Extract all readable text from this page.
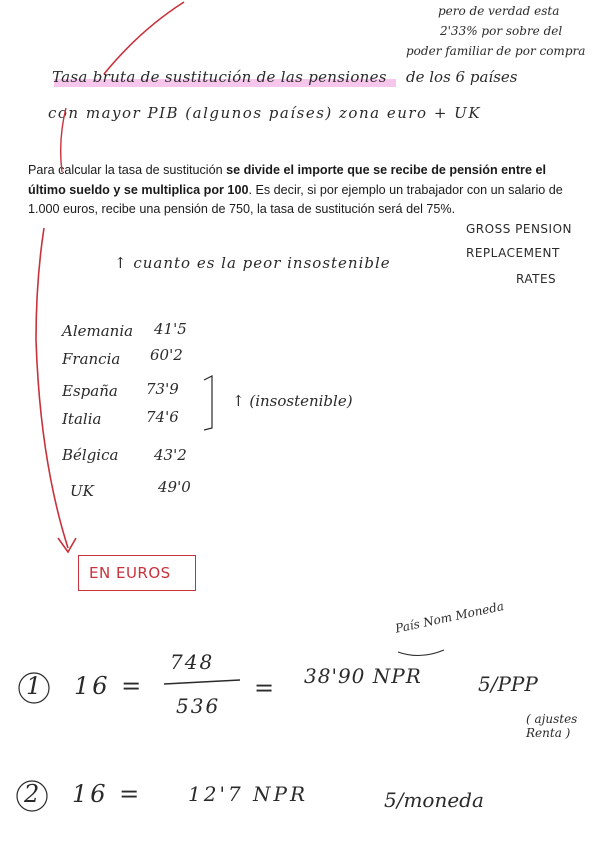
pero de verdad esta
2'33% por sobre del
poder familiar de por compra
Tasa bruta de sustitución de las pensiones de los 6 países
con mayor PIB (algunos países) zona euro + UK
Para calcular la tasa de sustitución se divide el importe que se recibe de pensión entre el último sueldo y se multiplica por 100. Es decir, si por ejemplo un trabajador con un salario de 1.000 euros, recibe una pensión de 750, la tasa de sustitución será del 75%.
GROSS PENSION
REPLACEMENT
RATES
↑ cuanto es la peor insostenible
Alemania 41'5
Francia 60'2
España 73'9
Italia	74'6
Bélgica 43'2
UK	49'0
↑ (insostenible)
EN EUROS
País Nom Moneda
1 16 =
748
536
= 38'90 NPR	5/PPP
( ajustes Renta )
2 16 = 12'7 NPR	5/moneda
